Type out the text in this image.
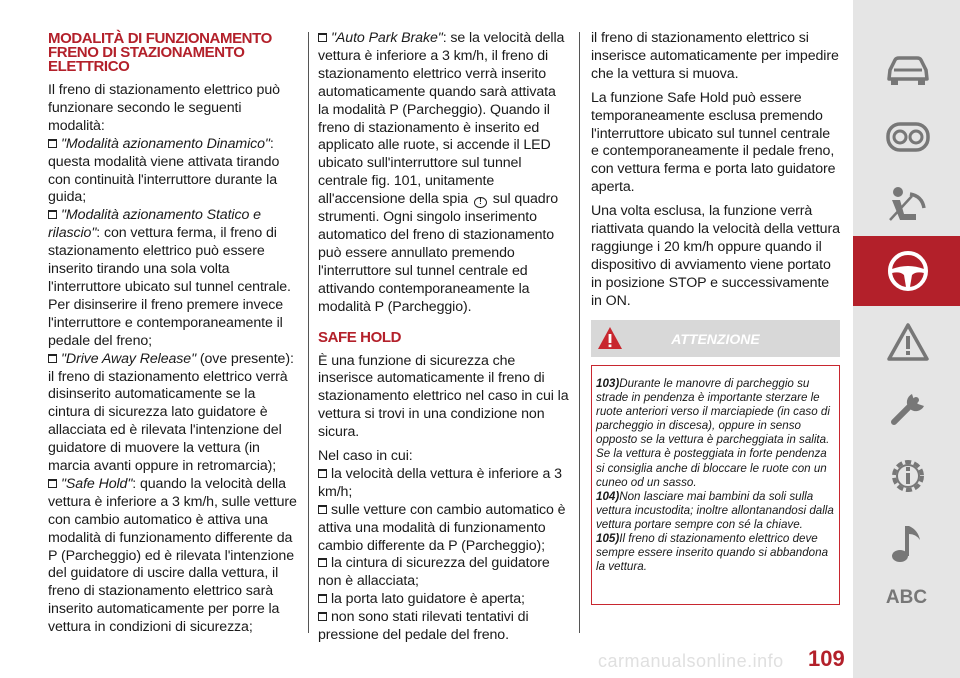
MODALITÀ DI FUNZIONAMENTO FRENO DI STAZIONAMENTO ELETTRICO

Il freno di stazionamento elettrico può funzionare secondo le seguenti modalità:

"Modalità azionamento Dinamico": questa modalità viene attivata tirando con continuità l'interruttore durante la guida;

"Modalità azionamento Statico e rilascio": con vettura ferma, il freno di stazionamento elettrico può essere inserito tirando una sola volta l'interruttore ubicato sul tunnel centrale. Per disinserire il freno premere invece l'interruttore e contemporaneamente il pedale del freno;

"Drive Away Release" (ove presente): il freno di stazionamento elettrico verrà disinserito automaticamente se la cintura di sicurezza lato guidatore è allacciata ed è rilevata l'intenzione del guidatore di muovere la vettura (in marcia avanti oppure in retromarcia);

"Safe Hold": quando la velocità della vettura è inferiore a 3 km/h, sulle vetture con cambio automatico è attiva una modalità di funzionamento differente da P (Parcheggio) ed è rilevata l'intenzione del guidatore di uscire dalla vettura, il freno di stazionamento elettrico sarà inserito automaticamente per porre la vettura in condizioni di sicurezza;

"Auto Park Brake": se la velocità della vettura è inferiore a 3 km/h, il freno di stazionamento elettrico verrà inserito automaticamente quando sarà attivata la modalità P (Parcheggio). Quando il freno di stazionamento è inserito ed applicato alle ruote, si accende il LED ubicato sull'interruttore sul tunnel centrale fig. 101, unitamente all'accensione della spia ! sul quadro strumenti. Ogni singolo inserimento automatico del freno di stazionamento può essere annullato premendo l'interruttore sul tunnel centrale ed attivando contemporaneamente la modalità P (Parcheggio).

SAFE HOLD

È una funzione di sicurezza che inserisce automaticamente il freno di stazionamento elettrico nel caso in cui la vettura si trovi in una condizione non sicura.

Nel caso in cui:

la velocità della vettura è inferiore a 3 km/h;

sulle vetture con cambio automatico è attiva una modalità di funzionamento cambio differente da P (Parcheggio);

la cintura di sicurezza del guidatore non è allacciata;

la porta lato guidatore è aperta;

non sono stati rilevati tentativi di pressione del pedale del freno.

il freno di stazionamento elettrico si inserisce automaticamente per impedire che la vettura si muova.

La funzione Safe Hold può essere temporaneamente esclusa premendo l'interruttore ubicato sul tunnel centrale e contemporaneamente il pedale freno, con vettura ferma e porta lato guidatore aperta.

Una volta esclusa, la funzione verrà riattivata quando la velocità della vettura raggiunge i 20 km/h oppure quando il dispositivo di avviamento viene portato in posizione STOP e successivamente in ON.

ATTENZIONE
103)Durante le manovre di parcheggio su strade in pendenza è importante sterzare le ruote anteriori verso il marciapiede (in caso di parcheggio in discesa), oppure in senso opposto se la vettura è parcheggiata in salita. Se la vettura è posteggiata in forte pendenza si consiglia anche di bloccare le ruote con un cuneo od un sasso.
104)Non lasciare mai bambini da soli sulla vettura incustodita; inoltre allontanandosi dalla vettura portare sempre con sé la chiave.
105)Il freno di stazionamento elettrico deve sempre essere inserito quando si abbandona la vettura.
ABC
carmanualsonline.info 109
